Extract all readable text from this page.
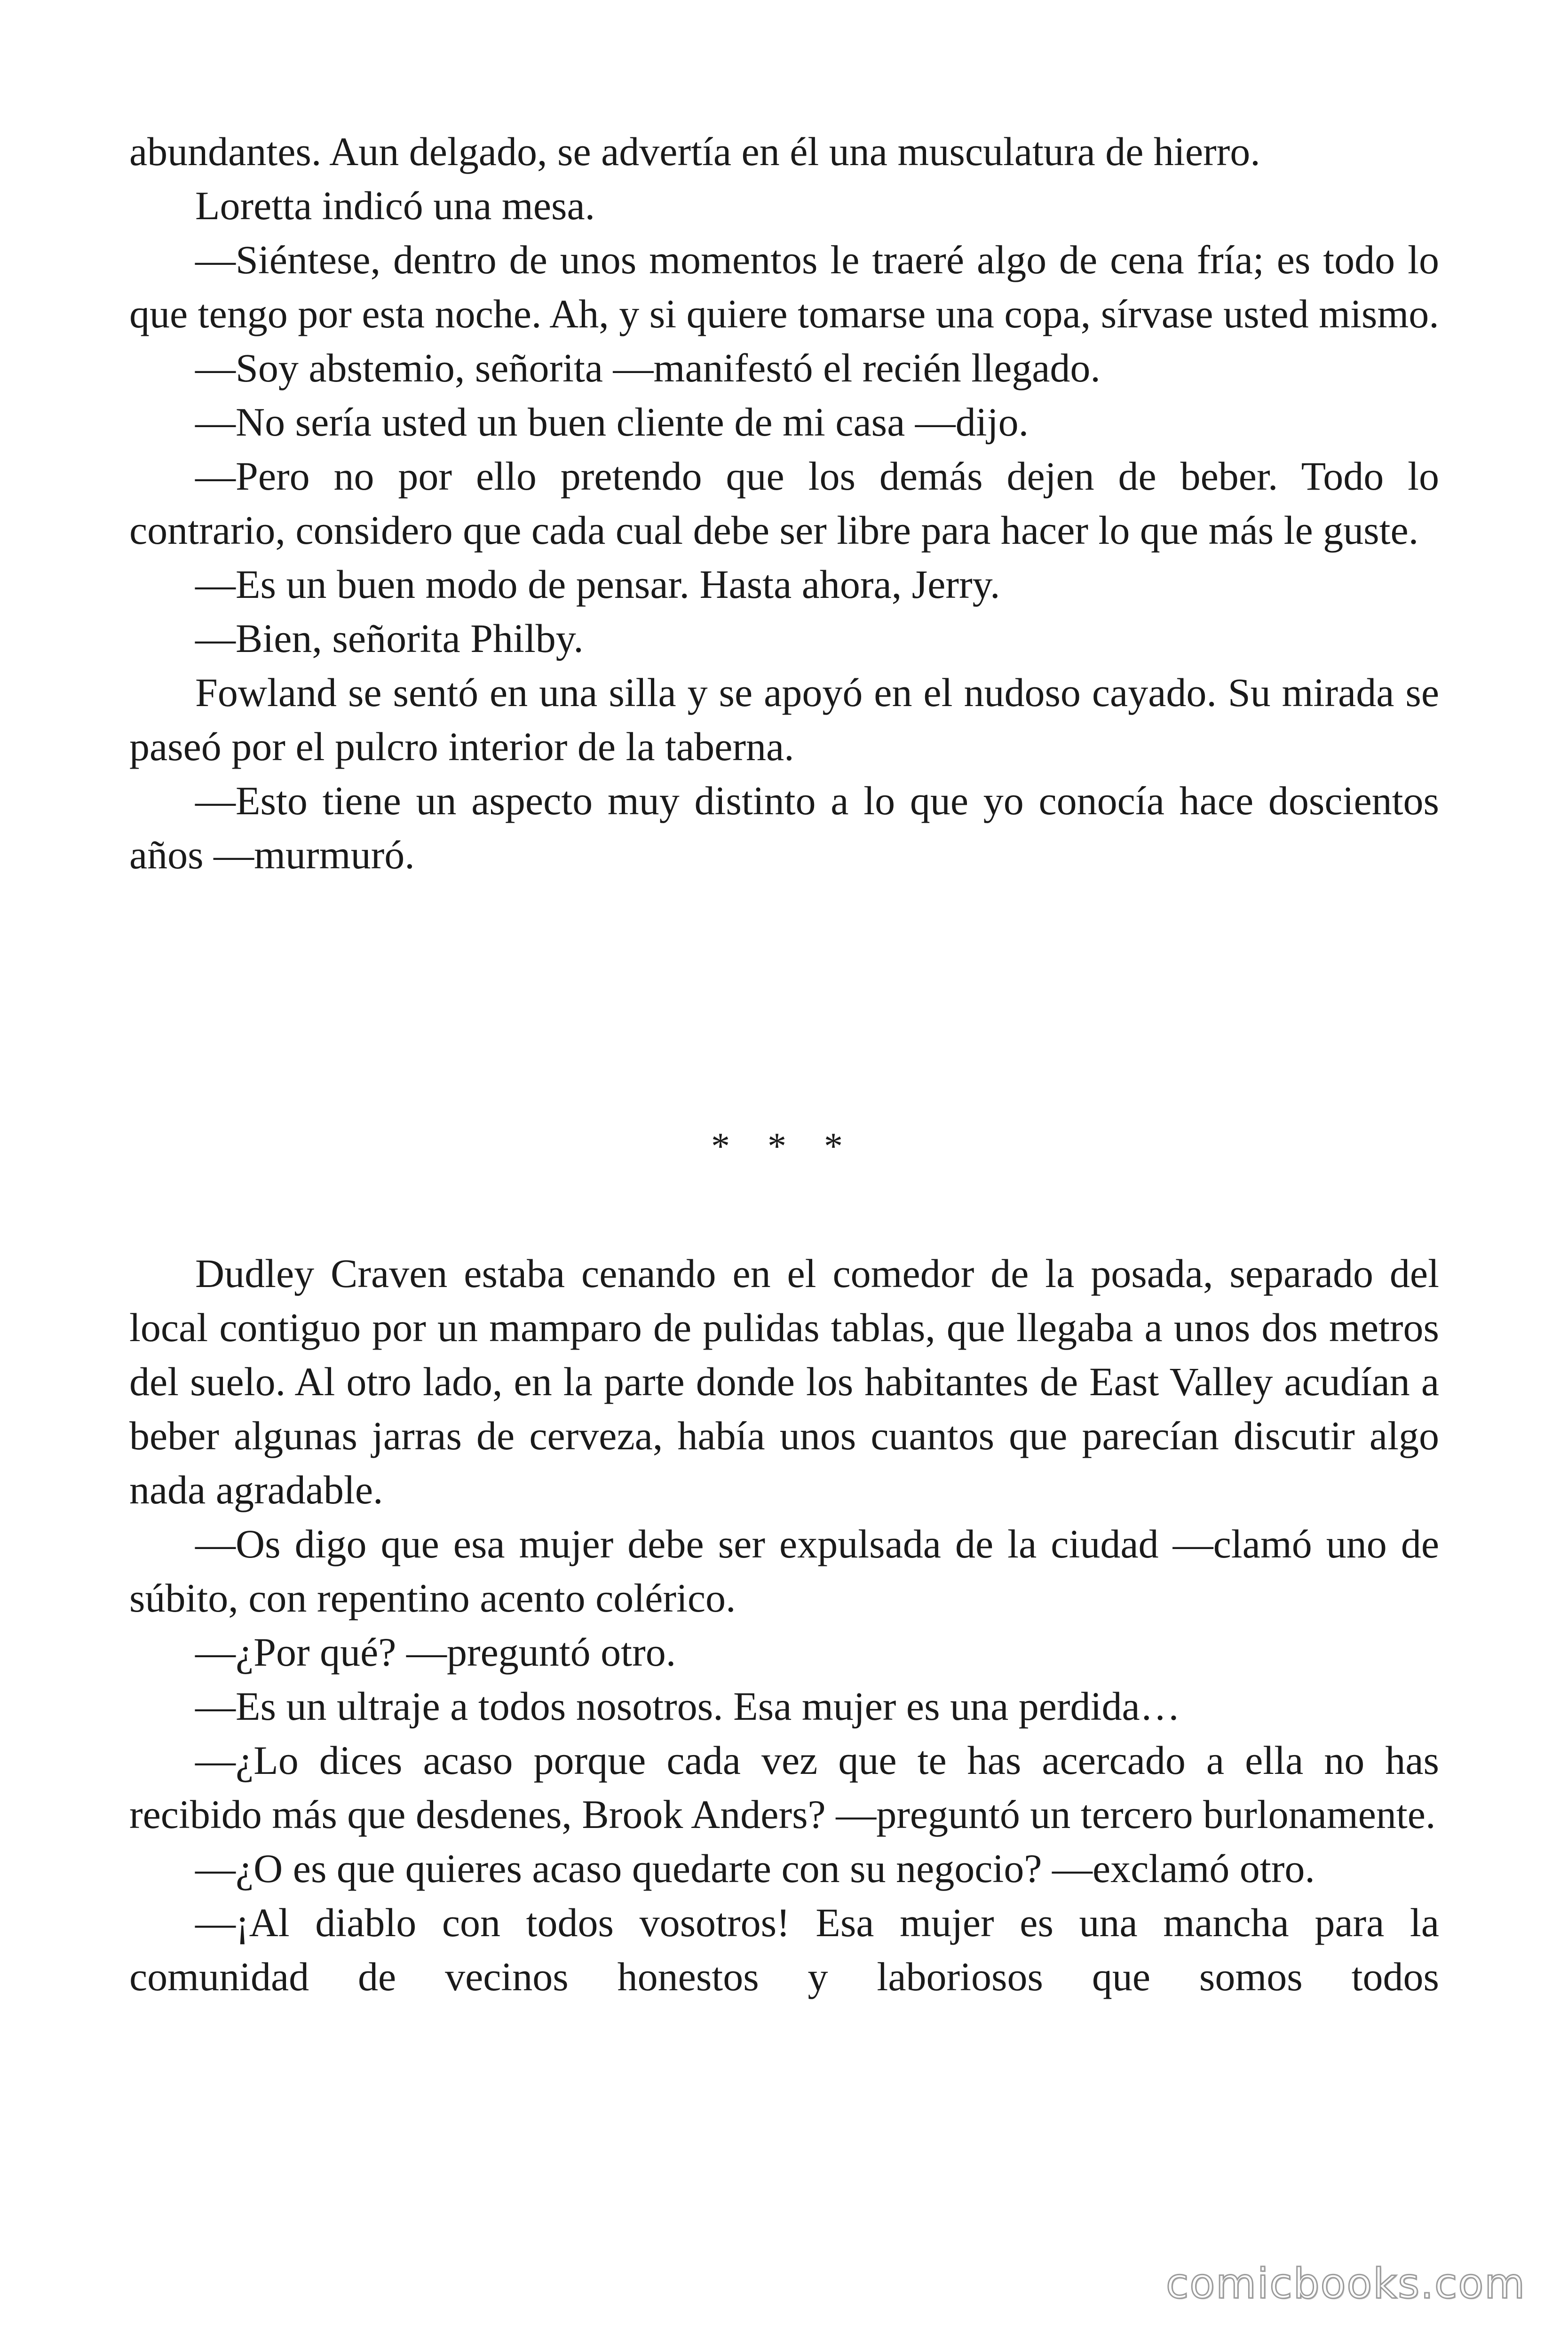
abundantes. Aun delgado, se advertía en él una musculatura de hierro.

Loretta indicó una mesa.

—Siéntese, dentro de unos momentos le traeré algo de cena fría; es todo lo que tengo por esta noche. Ah, y si quiere tomarse una copa, sírvase usted mismo.

—Soy abstemio, señorita —manifestó el recién llegado.

—No sería usted un buen cliente de mi casa —dijo.

—Pero no por ello pretendo que los demás dejen de beber. Todo lo contrario, considero que cada cual debe ser libre para hacer lo que más le guste.

—Es un buen modo de pensar. Hasta ahora, Jerry.

—Bien, señorita Philby.

Fowland se sentó en una silla y se apoyó en el nudoso cayado. Su mirada se paseó por el pulcro interior de la taberna.

—Esto tiene un aspecto muy distinto a lo que yo conocía hace doscientos años —murmuró.

* * *

Dudley Craven estaba cenando en el comedor de la posada, separado del local contiguo por un mamparo de pulidas tablas, que llegaba a unos dos metros del suelo. Al otro lado, en la parte donde los habitantes de East Valley acudían a beber algunas jarras de cerveza, había unos cuantos que parecían discutir algo nada agradable.

—Os digo que esa mujer debe ser expulsada de la ciudad —clamó uno de súbito, con repentino acento colérico.

—¿Por qué? —preguntó otro.

—Es un ultraje a todos nosotros. Esa mujer es una perdida…

—¿Lo dices acaso porque cada vez que te has acercado a ella no has recibido más que desdenes, Brook Anders? —preguntó un tercero burlonamente.

—¿O es que quieres acaso quedarte con su negocio? —exclamó otro.

—¡Al diablo con todos vosotros! Esa mujer es una mancha para la comunidad de vecinos honestos y laboriosos que somos todos

comicbooks.com
